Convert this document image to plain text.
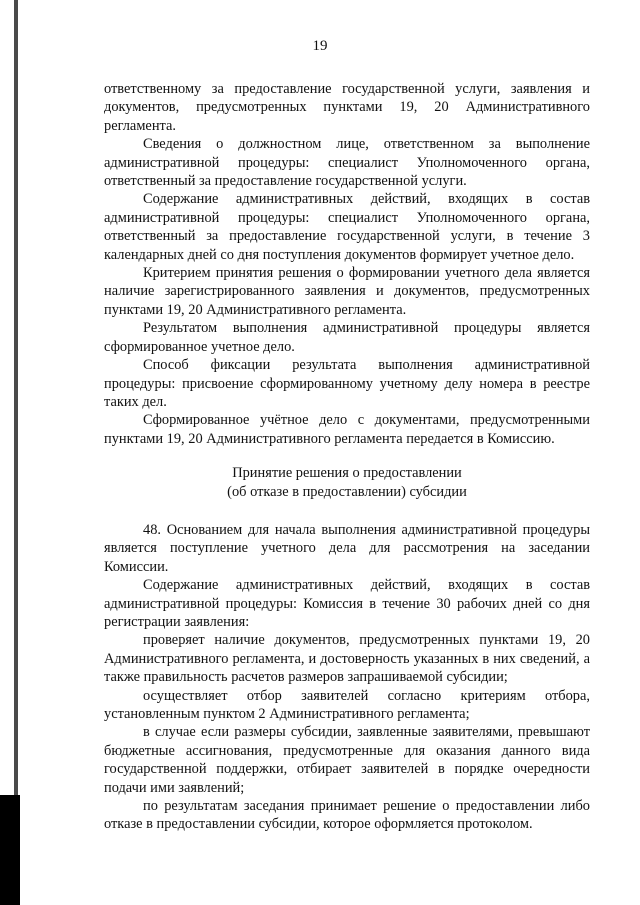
19

ответственному за предоставление государственной услуги, заявления и документов, предусмотренных пунктами 19, 20 Административного регламента.

Сведения о должностном лице, ответственном за выполнение административной процедуры: специалист Уполномоченного органа, ответственный за предоставление государственной услуги.

Содержание административных действий, входящих в состав административной процедуры: специалист Уполномоченного органа, ответственный за предоставление государственной услуги, в течение 3 календарных дней со дня поступления документов формирует учетное дело.

Критерием принятия решения о формировании учетного дела является наличие зарегистрированного заявления и документов, предусмотренных пунктами 19, 20 Административного регламента.

Результатом выполнения административной процедуры является сформированное учетное дело.

Способ фиксации результата выполнения административной процедуры: присвоение сформированному учетному делу номера в реестре таких дел.

Сформированное учётное дело с документами, предусмотренными пунктами 19, 20 Административного регламента передается в Комиссию.

Принятие решения о предоставлении
(об отказе в предоставлении) субсидии

48. Основанием для начала выполнения административной процедуры является поступление учетного дела для рассмотрения на заседании Комиссии.

Содержание административных действий, входящих в состав административной процедуры: Комиссия в течение 30 рабочих дней со дня регистрации заявления:

проверяет наличие документов, предусмотренных пунктами 19, 20 Административного регламента, и достоверность указанных в них сведений, а также правильность расчетов размеров запрашиваемой субсидии;

осуществляет отбор заявителей согласно критериям отбора, установленным пунктом 2 Административного регламента;

в случае если размеры субсидии, заявленные заявителями, превышают бюджетные ассигнования, предусмотренные для оказания данного вида государственной поддержки, отбирает заявителей в порядке очередности подачи ими заявлений;

по результатам заседания принимает решение о предоставлении либо отказе в предоставлении субсидии, которое оформляется протоколом.
